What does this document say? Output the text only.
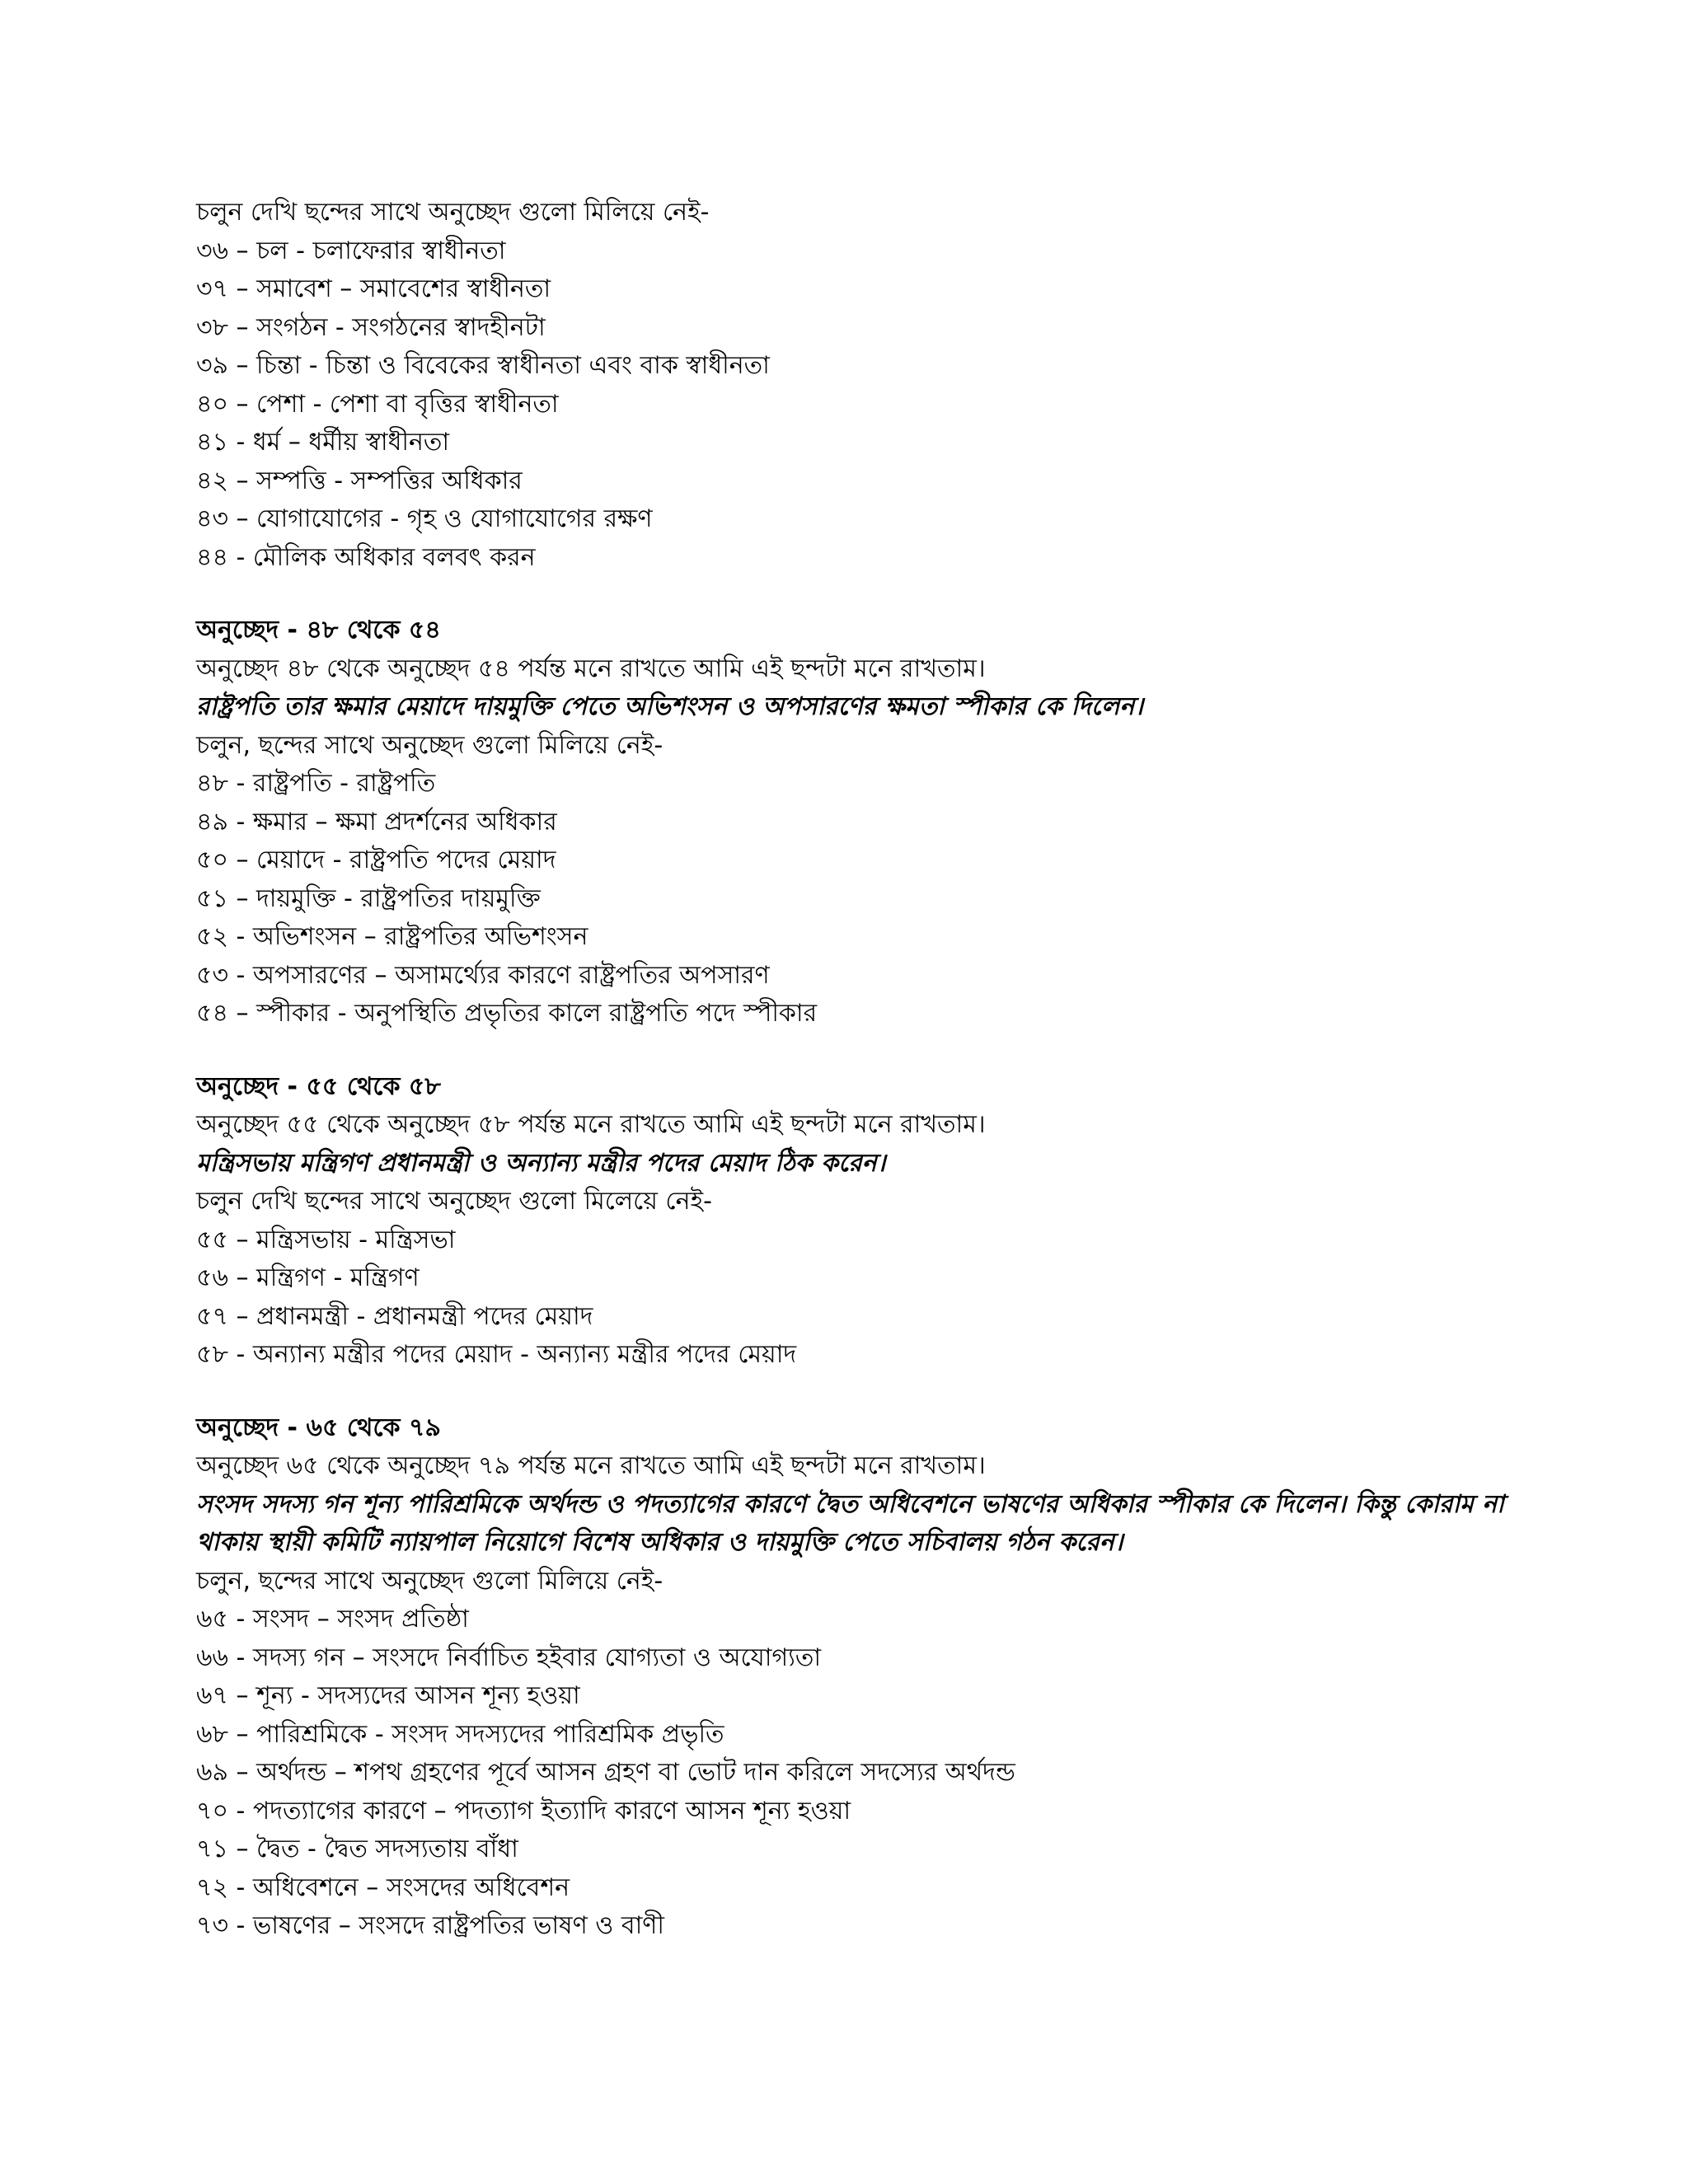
চলুন দেখি ছন্দের সাথে অনুচ্ছেদ গুলো মিলিয়ে নেই-

৩৬ – চল - চলাফেরার স্বাধীনতা

৩৭ – সমাবেশ – সমাবেশের স্বাধীনতা

৩৮ – সংগঠন - সংগঠনের স্বাদহীনটা

৩৯ – চিন্তা - চিন্তা ও বিবেকের স্বাধীনতা এবং বাক স্বাধীনতা

৪০ – পেশা - পেশা বা বৃত্তির স্বাধীনতা

৪১ - ধর্ম – ধর্মীয় স্বাধীনতা

৪২ – সম্পত্তি - সম্পত্তির অধিকার

৪৩ – যোগাযোগের - গৃহ ও যোগাযোগের রক্ষণ

৪৪ - মৌলিক অধিকার বলবৎ করন

অনুচ্ছেদ - ৪৮ থেকে ৫৪

অনুচ্ছেদ ৪৮ থেকে অনুচ্ছেদ ৫৪ পর্যন্ত মনে রাখতে আমি এই ছন্দটা মনে রাখতাম।

রাষ্ট্রপতি তার ক্ষমার মেয়াদে দায়মুক্তি পেতে অভিশংসন ও অপসারণের ক্ষমতা স্পীকার কে দিলেন।

চলুন, ছন্দের সাথে অনুচ্ছেদ গুলো মিলিয়ে নেই-

৪৮ - রাষ্ট্রপতি - রাষ্ট্রপতি

৪৯ - ক্ষমার – ক্ষমা প্রদর্শনের অধিকার

৫০ – মেয়াদে - রাষ্ট্রপতি পদের মেয়াদ

৫১ – দায়মুক্তি - রাষ্ট্রপতির দায়মুক্তি

৫২ - অভিশংসন – রাষ্ট্রপতির অভিশংসন

৫৩ - অপসারণের – অসামর্থ্যের কারণে রাষ্ট্রপতির অপসারণ

৫৪ – স্পীকার - অনুপস্থিতি প্রভৃতির কালে রাষ্ট্রপতি পদে স্পীকার

অনুচ্ছেদ - ৫৫ থেকে ৫৮

অনুচ্ছেদ ৫৫ থেকে অনুচ্ছেদ ৫৮ পর্যন্ত মনে রাখতে আমি এই ছন্দটা মনে রাখতাম।

মন্ত্রিসভায় মন্ত্রিগণ প্রধানমন্ত্রী ও অন্যান্য মন্ত্রীর পদের মেয়াদ ঠিক করেন।

চলুন দেখি ছন্দের সাথে অনুচ্ছেদ গুলো মিলেয়ে নেই-

৫৫ – মন্ত্রিসভায় - মন্ত্রিসভা

৫৬ – মন্ত্রিগণ - মন্ত্রিগণ

৫৭ – প্রধানমন্ত্রী - প্রধানমন্ত্রী পদের মেয়াদ

৫৮ - অন্যান্য মন্ত্রীর পদের মেয়াদ - অন্যান্য মন্ত্রীর পদের মেয়াদ

অনুচ্ছেদ - ৬৫ থেকে ৭৯

অনুচ্ছেদ ৬৫ থেকে অনুচ্ছেদ ৭৯ পর্যন্ত মনে রাখতে আমি এই ছন্দটা মনে রাখতাম।

সংসদ সদস্য গন শূন্য পারিশ্রমিকে অর্থদন্ড ও পদত্যাগের কারণে দ্বৈত অধিবেশনে ভাষণের অধিকার স্পীকার কে দিলেন। কিন্তু কোরাম না থাকায় স্থায়ী কমিটি ন্যায়পাল নিয়োগে বিশেষ অধিকার ও দায়মুক্তি পেতে সচিবালয় গঠন করেন।

চলুন, ছন্দের সাথে অনুচ্ছেদ গুলো মিলিয়ে নেই-

৬৫ - সংসদ – সংসদ প্রতিষ্ঠা

৬৬ - সদস্য গন – সংসদে নির্বাচিত হইবার যোগ্যতা ও অযোগ্যতা

৬৭ – শূন্য - সদস্যদের আসন শূন্য হওয়া

৬৮ – পারিশ্রমিকে - সংসদ সদস্যদের পারিশ্রমিক প্রভৃতি

৬৯ – অর্থদন্ড – শপথ গ্রহণের পূর্বে আসন গ্রহণ বা ভোট দান করিলে সদস্যের অর্থদন্ড

৭০ - পদত্যাগের কারণে – পদত্যাগ ইত্যাদি কারণে আসন শূন্য হওয়া

৭১ – দ্বৈত - দ্বৈত সদস্যতায় বাঁধা

৭২ - অধিবেশনে – সংসদের অধিবেশন

৭৩ - ভাষণের – সংসদে রাষ্ট্রপতির ভাষণ ও বাণী
